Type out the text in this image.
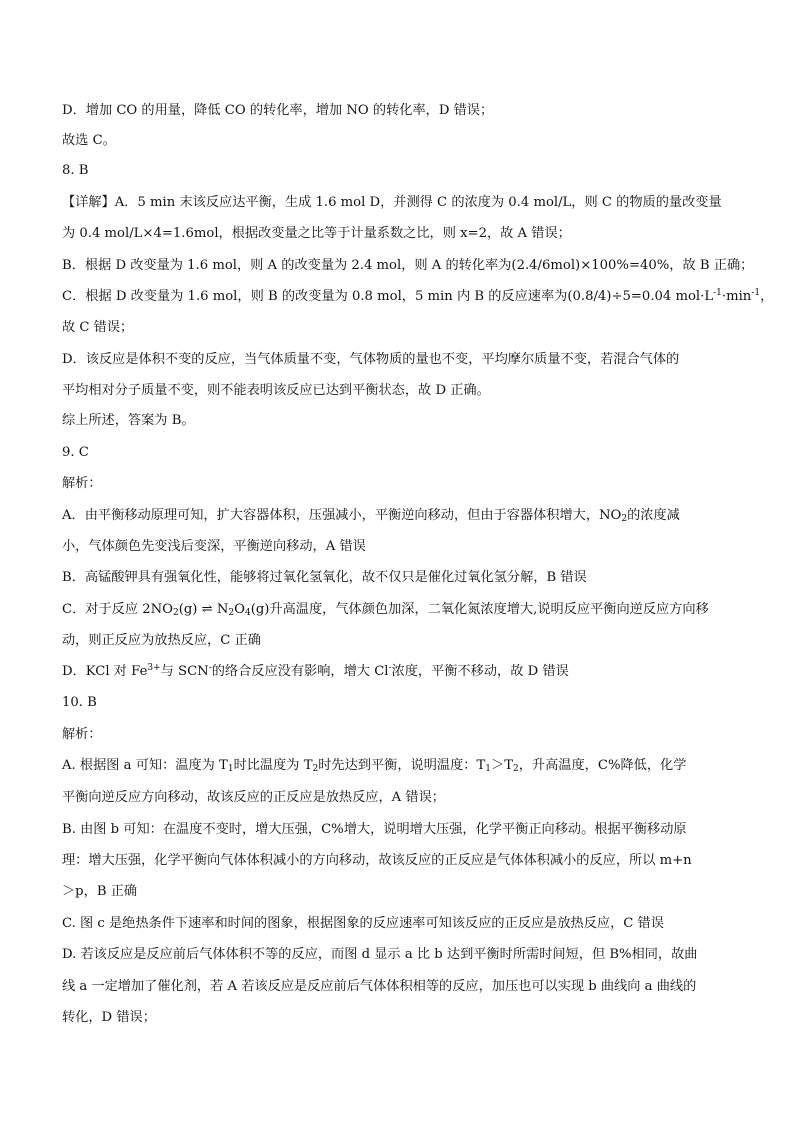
D．增加 CO 的用量，降低 CO 的转化率，增加 NO 的转化率，D 错误；
故选 C。
8. B
【详解】A．5 min 末该反应达平衡，生成 1.6 mol D，并测得 C 的浓度为 0.4 mol/L，则 C 的物质的量改变量
为 0.4 mol/L×4=1.6mol，根据改变量之比等于计量系数之比，则 x=2，故 A 错误；
B．根据 D 改变量为 1.6 mol，则 A 的改变量为 2.4 mol，则 A 的转化率为(2.4/6mol)×100%=40%，故 B 正确；
C．根据 D 改变量为 1.6 mol，则 B 的改变量为 0.8 mol，5 min 内 B 的反应速率为(0.8/4)÷5=0.04 $mol\cdot L^{-1}\cdot\min^{-1}$，
故 C 错误；
D．该反应是体积不变的反应，当气体质量不变，气体物质的量也不变，平均摩尔质量不变，若混合气体的
平均相对分子质量不变，则不能表明该反应已达到平衡状态，故 D 正确。
综上所述，答案为 B。
9. C
解析：
A．由平衡移动原理可知，扩大容器体积，压强减小，平衡逆向移动，但由于容器体积增大，$NO_2$的浓度减
小，气体颜色先变浅后变深，平衡逆向移动，A 错误
B．高锰酸钾具有强氧化性，能够将过氧化氢氧化，故不仅只是催化过氧化氢分解，B 错误
C．对于反应 $2NO_2(g)$ ⇌ $N_2O_4(g)$升高温度，气体颜色加深，二氧化氮浓度增大,说明反应平衡向逆反应方向移
动，则正反应为放热反应，C 正确
D．KCl 对 $Fe^{3+}$与 SCN-的络合反应没有影响，增大 Cl-浓度，平衡不移动，故 D 错误
10. B
解析：
A. 根据图 a 可知：温度为 $T_1$时比温度为 $T_2$时先达到平衡，说明温度：$T_1>T_2$，升高温度，C%降低，化学
平衡向逆反应方向移动，故该反应的正反应是放热反应，A 错误；
B. 由图 b 可知：在温度不变时，增大压强，C%增大，说明增大压强，化学平衡正向移动。根据平衡移动原
理：增大压强，化学平衡向气体体积减小的方向移动，故该反应的正反应是气体体积减小的反应，所以 m+n
＞p，B 正确
C. 图 c 是绝热条件下速率和时间的图象，根据图象的反应速率可知该反应的正反应是放热反应，C 错误
D. 若该反应是反应前后气体体积不等的反应，而图 d 显示 a 比 b 达到平衡时所需时间短，但 B%相同，故曲
线 a 一定增加了催化剂，若 A 若该反应是反应前后气体体积相等的反应，加压也可以实现 b 曲线向 a 曲线的
转化，D 错误；
